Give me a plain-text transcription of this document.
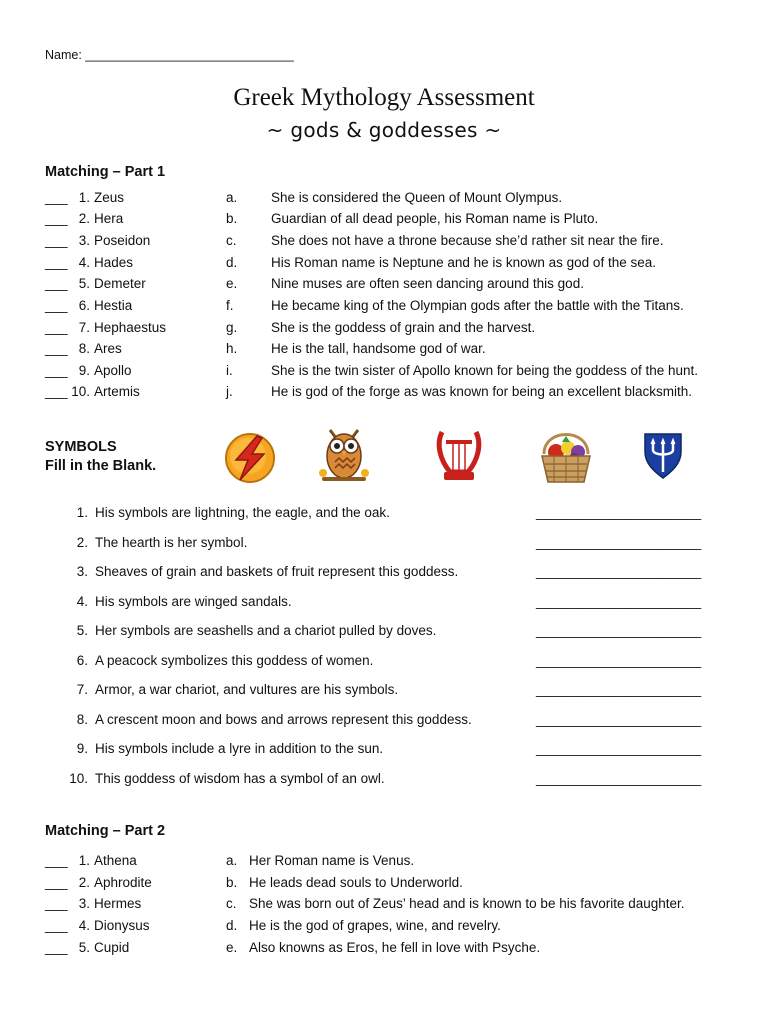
Name: ______________________________
Greek Mythology Assessment
~ gods & goddesses ~
Matching – Part 1
___ 1. Zeus	a. She is considered the Queen of Mount Olympus.
___ 2. Hera	b. Guardian of all dead people, his Roman name is Pluto.
___ 3. Poseidon	c.	She does not have a throne because she’d rather sit near the fire.
___ 4. Hades	d. His Roman name is Neptune and he is known as god of the sea.
___ 5. Demeter	e. Nine muses are often seen dancing around this god.
___ 6. Hestia	f.	He became king of the Olympian gods after the battle with the Titans.
___ 7. Hephaestus	g. She is the goddess of grain and the harvest.
___ 8. Ares	h. He is the tall, handsome god of war.
___ 9. Apollo	i.	She is the twin sister of Apollo known for being the goddess of the hunt.
___ 10. Artemis	j.	He is god of the forge as was known for being an excellent blacksmith.
SYMBOLS
Fill in the Blank.
1. His symbols are lightning, the eagle, and the oak.	______________________
2. The hearth is her symbol.	______________________
3. Sheaves of grain and baskets of fruit represent this goddess.	______________________
4. His symbols are winged sandals.	______________________
5. Her symbols are seashells and a chariot pulled by doves.	______________________
6. A peacock symbolizes this goddess of women.	______________________
7. Armor, a war chariot, and vultures are his symbols.	______________________
8. A crescent moon and bows and arrows represent this goddess.	______________________
9. His symbols include a lyre in addition to the sun.	______________________
10. This goddess of wisdom has a symbol of an owl.	______________________
Matching – Part 2
___ 1. Athena	a. Her Roman name is Venus.
___ 2. Aphrodite	b. He leads dead souls to Underworld.
___ 3. Hermes	c. She was born out of Zeus’ head and is known to be his favorite daughter.
___ 4. Dionysus	d. He is the god of grapes, wine, and revelry.
___ 5. Cupid	e. Also knowns as Eros, he fell in love with Psyche.
